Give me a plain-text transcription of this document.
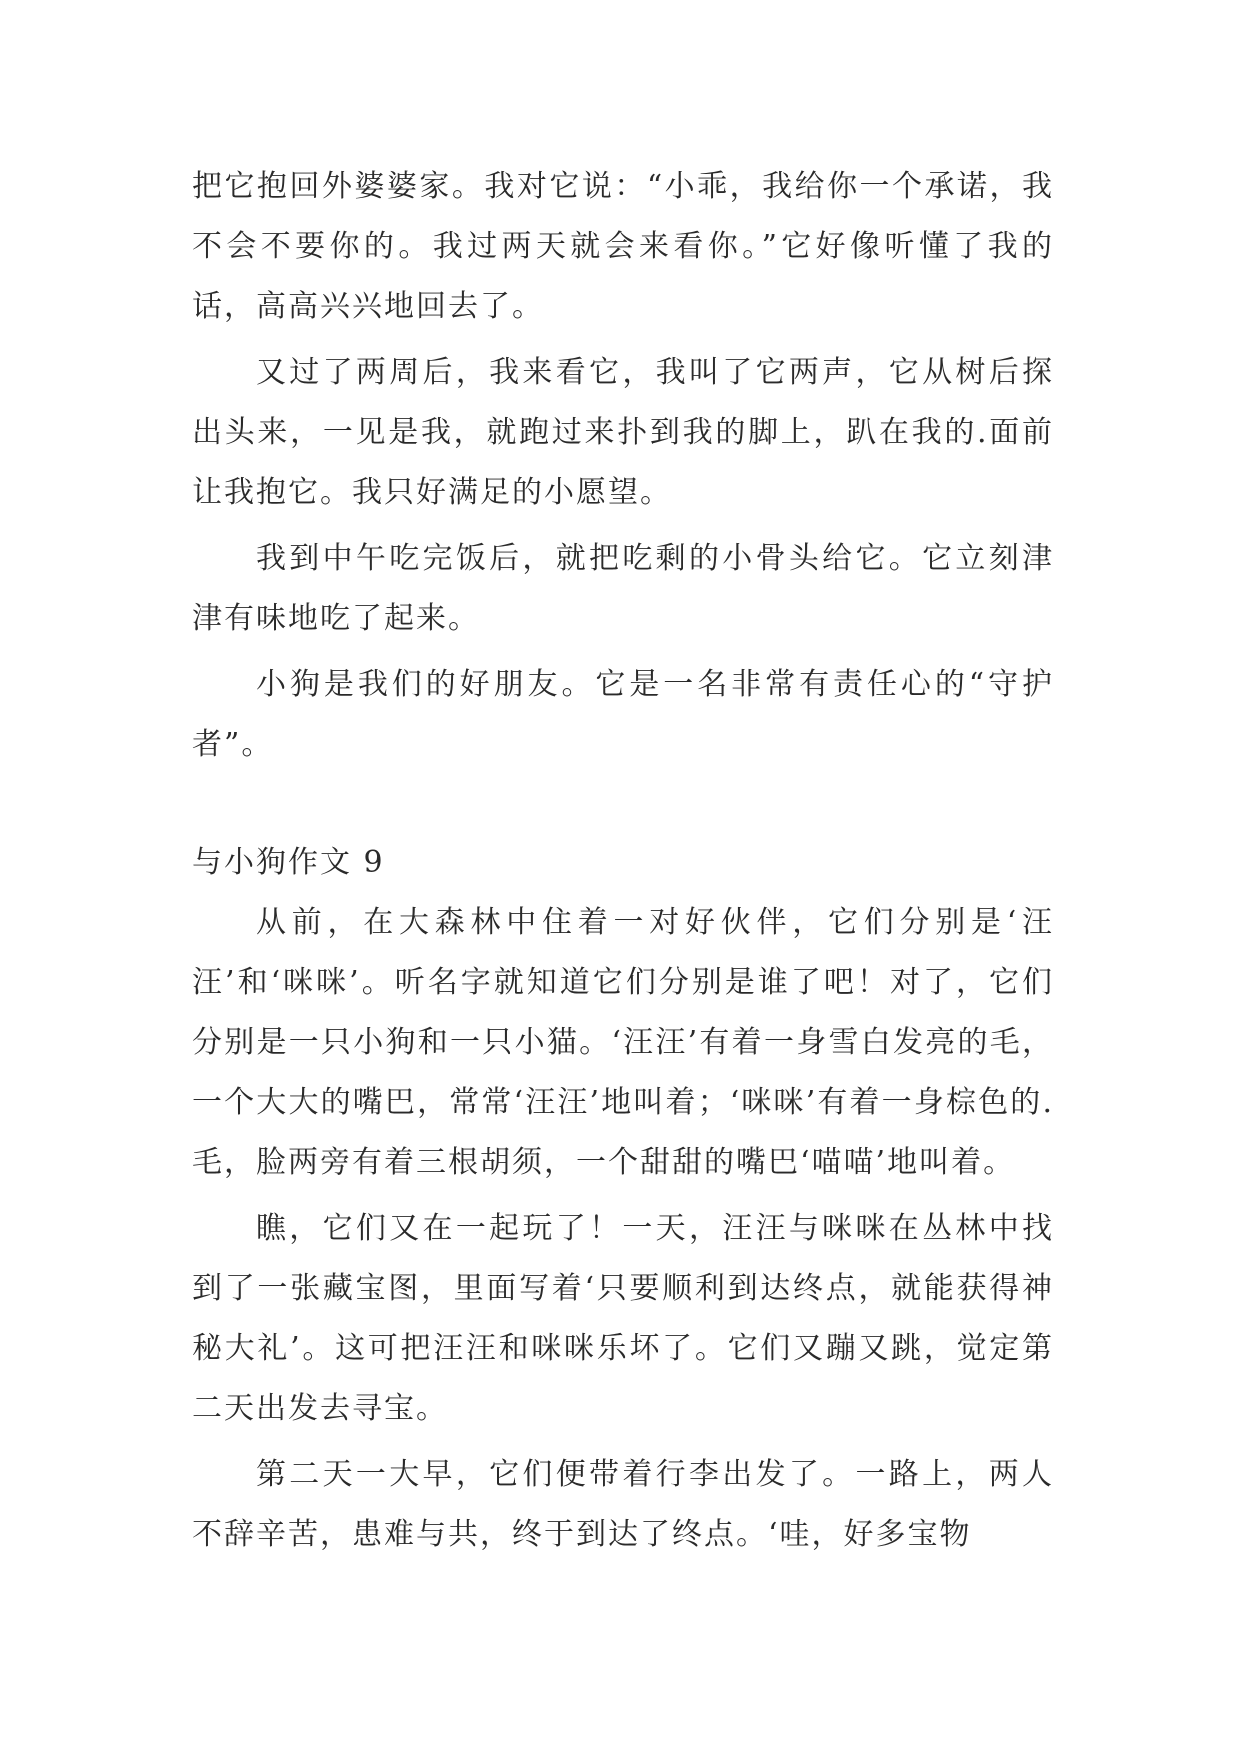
把它抱回外婆婆家。我对它说：“小乖，我给你一个承诺，我不会不要你的。我过两天就会来看你。”它好像听懂了我的话，高高兴兴地回去了。

又过了两周后，我来看它，我叫了它两声，它从树后探出头来，一见是我，就跑过来扑到我的脚上，趴在我的.面前让我抱它。我只好满足的小愿望。

我到中午吃完饭后，就把吃剩的小骨头给它。它立刻津津有味地吃了起来。

小狗是我们的好朋友。它是一名非常有责任心的“守护者”。

与小狗作文 9

从前，在大森林中住着一对好伙伴，它们分别是‘汪汪’和‘咪咪’。听名字就知道它们分别是谁了吧！对了，它们分别是一只小狗和一只小猫。‘汪汪’有着一身雪白发亮的毛，一个大大的嘴巴，常常‘汪汪’地叫着；‘咪咪’有着一身棕色的.毛，脸两旁有着三根胡须，一个甜甜的嘴巴‘喵喵’地叫着。

瞧，它们又在一起玩了！一天，汪汪与咪咪在丛林中找到了一张藏宝图，里面写着‘只要顺利到达终点，就能获得神秘大礼’。这可把汪汪和咪咪乐坏了。它们又蹦又跳，觉定第二天出发去寻宝。

第二天一大早，它们便带着行李出发了。一路上，两人不辞辛苦，患难与共，终于到达了终点。‘哇，好多宝物
